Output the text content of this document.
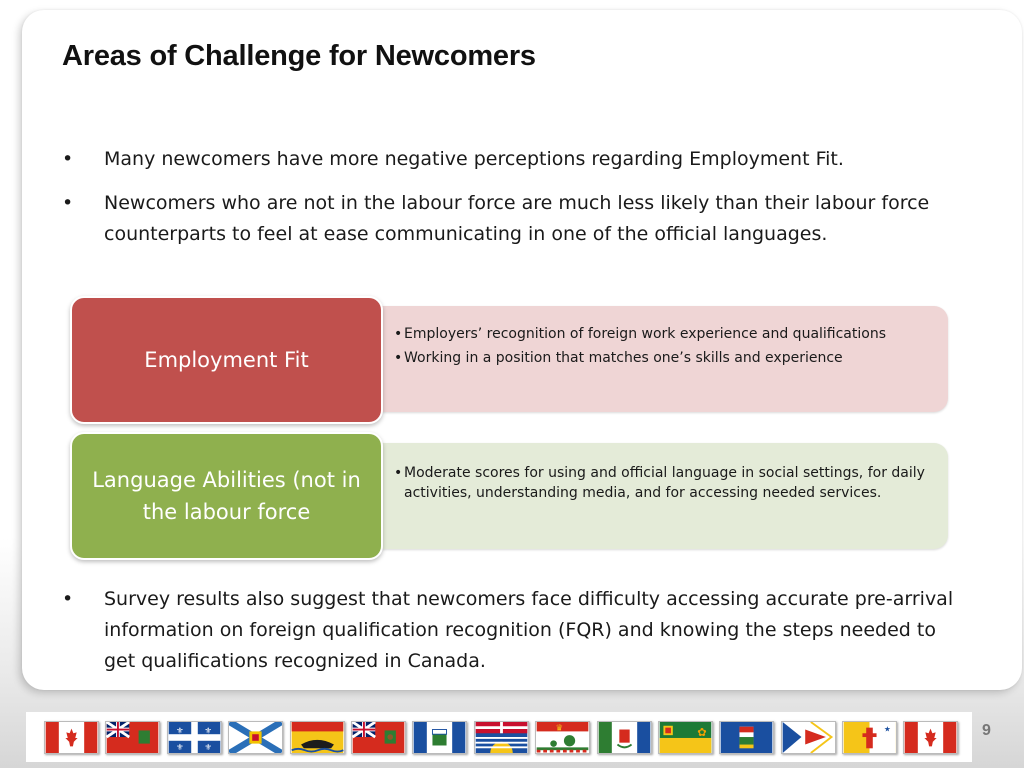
Areas of Challenge for Newcomers
• Many newcomers have more negative perceptions regarding Employment Fit.
• Newcomers who are not in the labour force are much less likely than their labour force counterparts to feel at ease communicating in one of the official languages.
• Employers’ recognition of foreign work experience and qualifications
• Working in a position that matches one’s skills and experience
Employment Fit
• Moderate scores for using and official language in social settings, for daily activities, understanding media, and for accessing needed services.
Language Abilities (not in the labour force
• Survey results also suggest that newcomers face difficulty accessing accurate pre-arrival information on foreign qualification recognition (FQR) and knowing the steps needed to get qualifications recognized in Canada.
⚜ ⚜
⚜ ⚜
♛	✿	★	9
